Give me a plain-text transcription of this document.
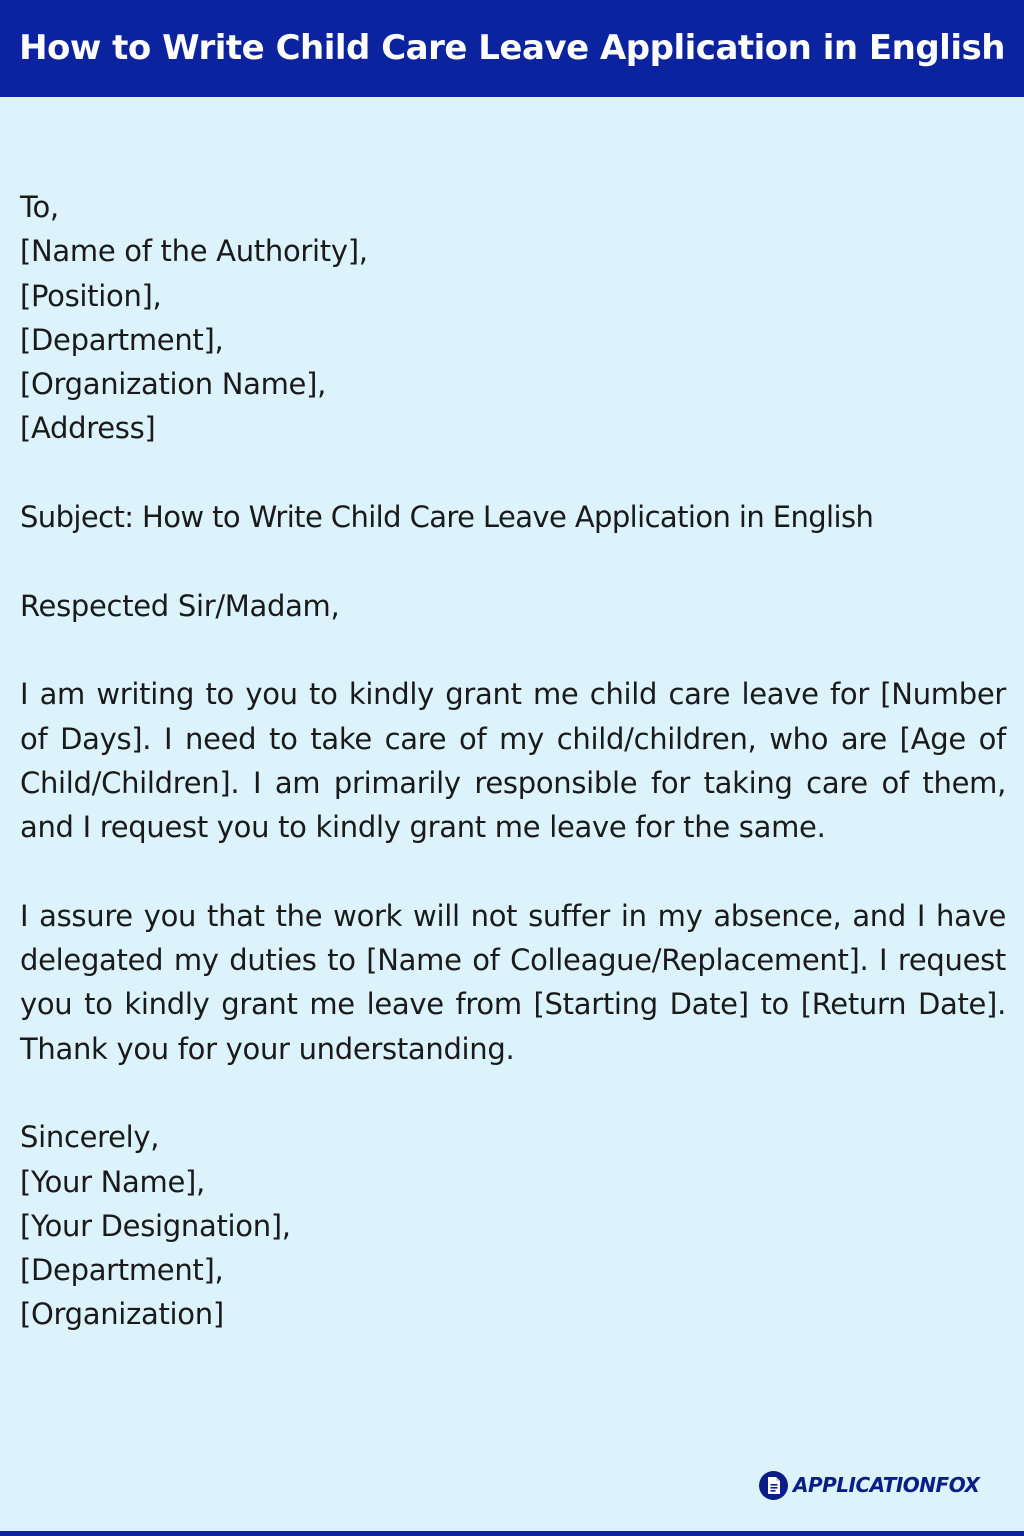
How to Write Child Care Leave Application in English
To,
[Name of the Authority],
[Position],
[Department],
[Organization Name],
[Address]
Subject: How to Write Child Care Leave Application in English
Respected Sir/Madam,
I am writing to you to kindly grant me child care leave for [Number of Days]. I need to take care of my child/children, who are [Age of Child/Children]. I am primarily responsible for taking care of them, and I request you to kindly grant me leave for the same.
I assure you that the work will not suffer in my absence, and I have delegated my duties to [Name of Colleague/Replacement]. I request you to kindly grant me leave from [Starting Date] to [Return Date]. Thank you for your understanding.
Sincerely,
[Your Name],
[Your Designation],
[Department],
[Organization]
APPLICATIONFOX
